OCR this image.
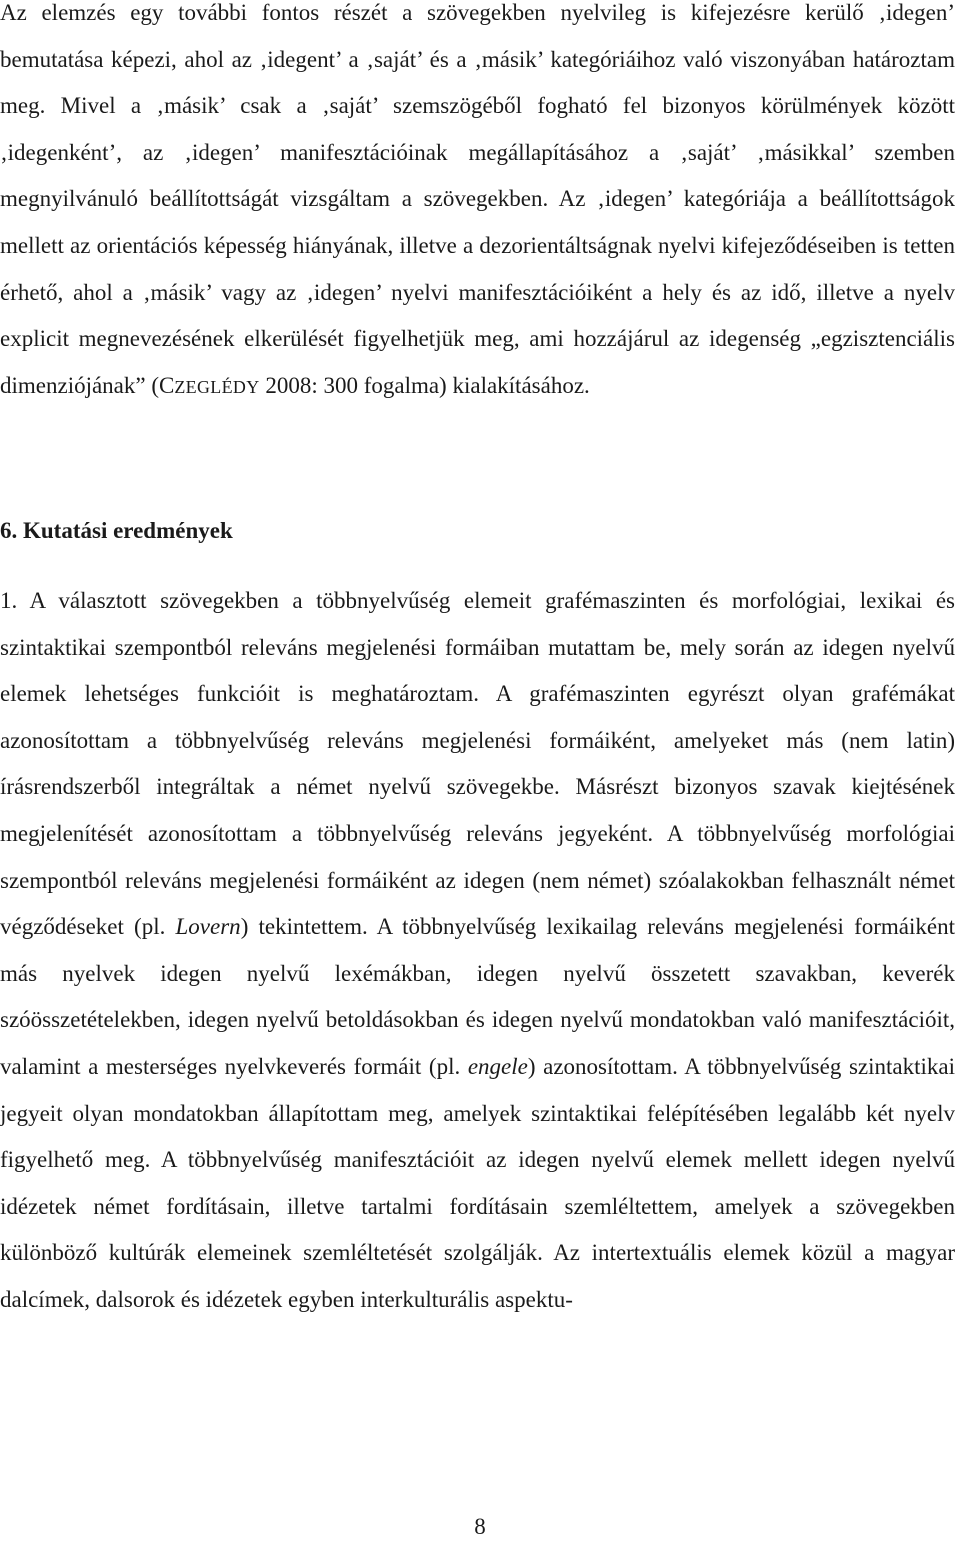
Az elemzés egy további fontos részét a szövegekben nyelvileg is kifejezésre kerülő ‚idegen’ bemutatása képezi, ahol az ‚idegent’ a ‚saját’ és a ‚másik’ kategóriáihoz való viszonyában határoztam meg. Mivel a ‚másik’ csak a ‚saját’ szemszögéből fogható fel bizonyos körülmények között ‚idegenként’, az ‚idegen’ manifesztációinak megállapításához a ‚saját’ ‚másikkal’ szemben megnyilvánuló beállítottságát vizsgáltam a szövegekben. Az ‚idegen’ kategóriája a beállítottságok mellett az orientációs képesség hiányának, illetve a dezorientáltságnak nyelvi kifejeződéseiben is tetten érhető, ahol a ‚másik’ vagy az ‚idegen’ nyelvi manifesztációiként a hely és az idő, illetve a nyelv explicit megnevezésének elkerülését figyelhetjük meg, ami hozzájárul az idegenség „egzisztenciális dimenziójának” (CZEGLÉDY 2008: 300 fogalma) kialakításához.

6. Kutatási eredmények

1. A választott szövegekben a többnyelvűség elemeit grafémaszinten és morfológiai, lexikai és szintaktikai szempontból releváns megjelenési formáiban mutattam be, mely során az idegen nyelvű elemek lehetséges funkcióit is meghatároztam. A grafémaszinten egyrészt olyan grafémákat azonosítottam a többnyelvűség releváns megjelenési formáiként, amelyeket más (nem latin) írásrendszerből integráltak a német nyelvű szövegekbe. Másrészt bizonyos szavak kiejtésének megjelenítését azonosítottam a többnyelvűség releváns jegyeként. A többnyelvűség morfológiai szempontból releváns megjelenési formáiként az idegen (nem német) szóalakokban felhasznált német végződéseket (pl. Lovern) tekintettem. A többnyelvűség lexikailag releváns megjelenési formáiként más nyelvek idegen nyelvű lexémákban, idegen nyelvű összetett szavakban, keverék szóösszetételekben, idegen nyelvű betoldásokban és idegen nyelvű mondatokban való manifesztációit, valamint a mesterséges nyelvkeverés formáit (pl. engele) azonosítottam. A többnyelvűség szintaktikai jegyeit olyan mondatokban állapítottam meg, amelyek szintaktikai felépítésében legalább két nyelv figyelhető meg. A többnyelvűség manifesztációit az idegen nyelvű elemek mellett idegen nyelvű idézetek német fordításain, illetve tartalmi fordításain szemléltettem, amelyek a szövegekben különböző kultúrák elemeinek szemléltetését szolgálják. Az intertextuális elemek közül a magyar dalcímek, dalsorok és idézetek egyben interkulturális aspektu-

8
